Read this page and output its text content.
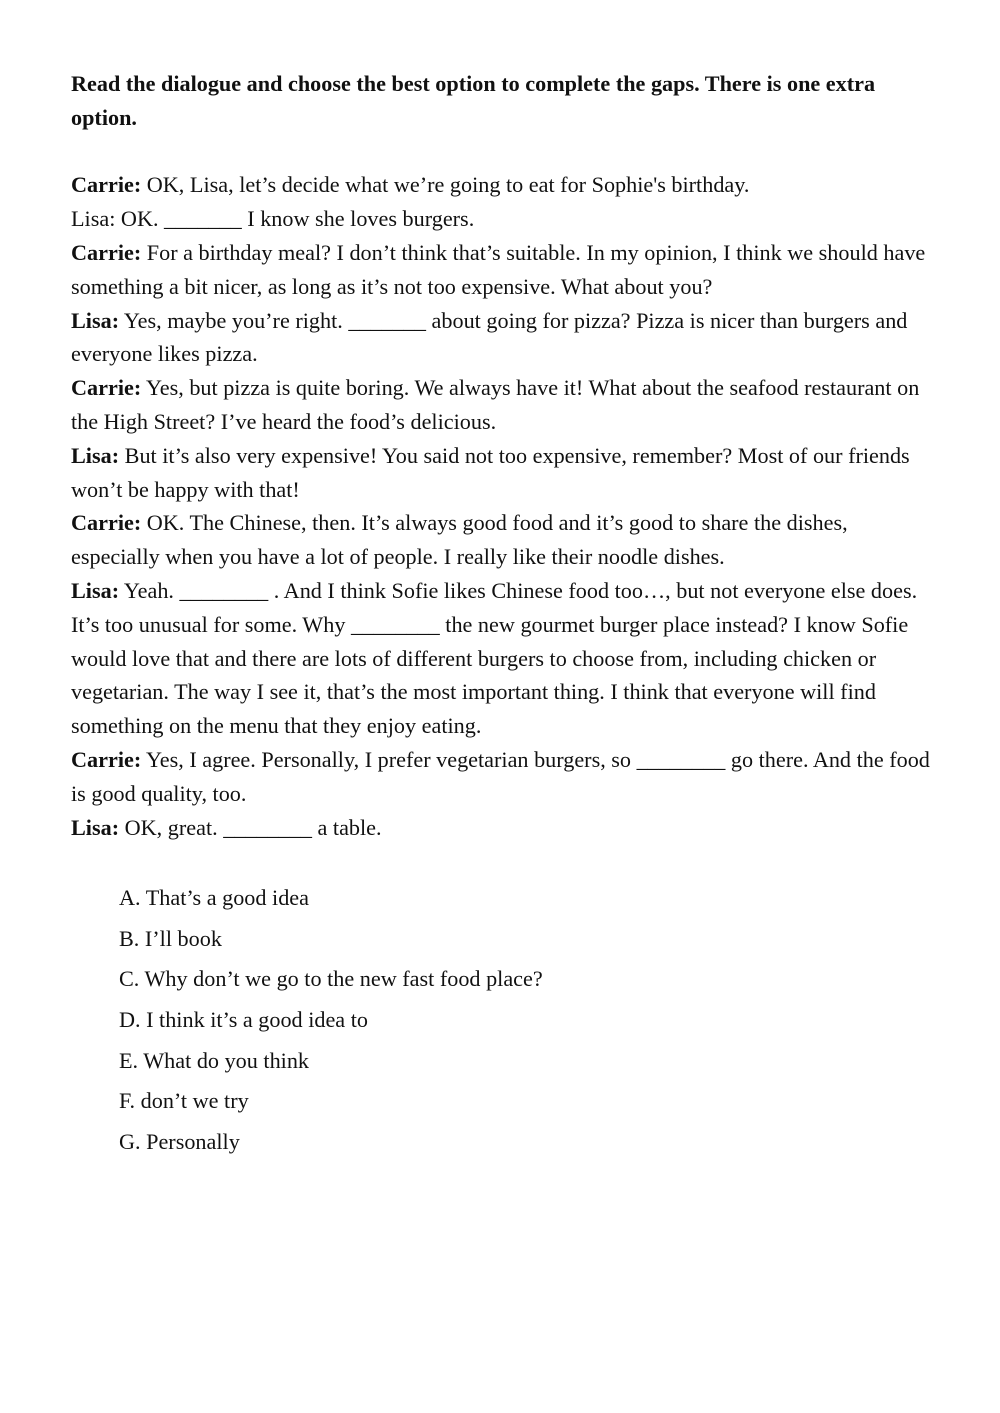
Read the dialogue and choose the best option to complete the gaps. There is one extra option.

Carrie: OK, Lisa, let’s decide what we’re going to eat for Sophie's birthday.

Lisa: OK. _______ I know she loves burgers.

Carrie: For a birthday meal? I don’t think that’s suitable. In my opinion, I think we should have something a bit nicer, as long as it’s not too expensive. What about you?

Lisa: Yes, maybe you’re right. _______ about going for pizza? Pizza is nicer than burgers and everyone likes pizza.

Carrie: Yes, but pizza is quite boring. We always have it! What about the seafood restaurant on the High Street? I’ve heard the food’s delicious.

Lisa: But it’s also very expensive! You said not too expensive, remember? Most of our friends won’t be happy with that!

Carrie: OK. The Chinese, then. It’s always good food and it’s good to share the dishes, especially when you have a lot of people. I really like their noodle dishes.

Lisa: Yeah. ________ . And I think Sofie likes Chinese food too…, but not everyone else does. It’s too unusual for some. Why ________ the new gourmet burger place instead? I know Sofie would love that and there are lots of different burgers to choose from, including chicken or vegetarian. The way I see it, that’s the most important thing. I think that everyone will find something on the menu that they enjoy eating.

Carrie: Yes, I agree. Personally, I prefer vegetarian burgers, so ________ go there. And the food is good quality, too.

Lisa: OK, great. ________ a table.

A. That’s a good idea
B. I’ll book
C. Why don’t we go to the new fast food place?
D. I think it’s a good idea to
E. What do you think
F. don’t we try
G. Personally
